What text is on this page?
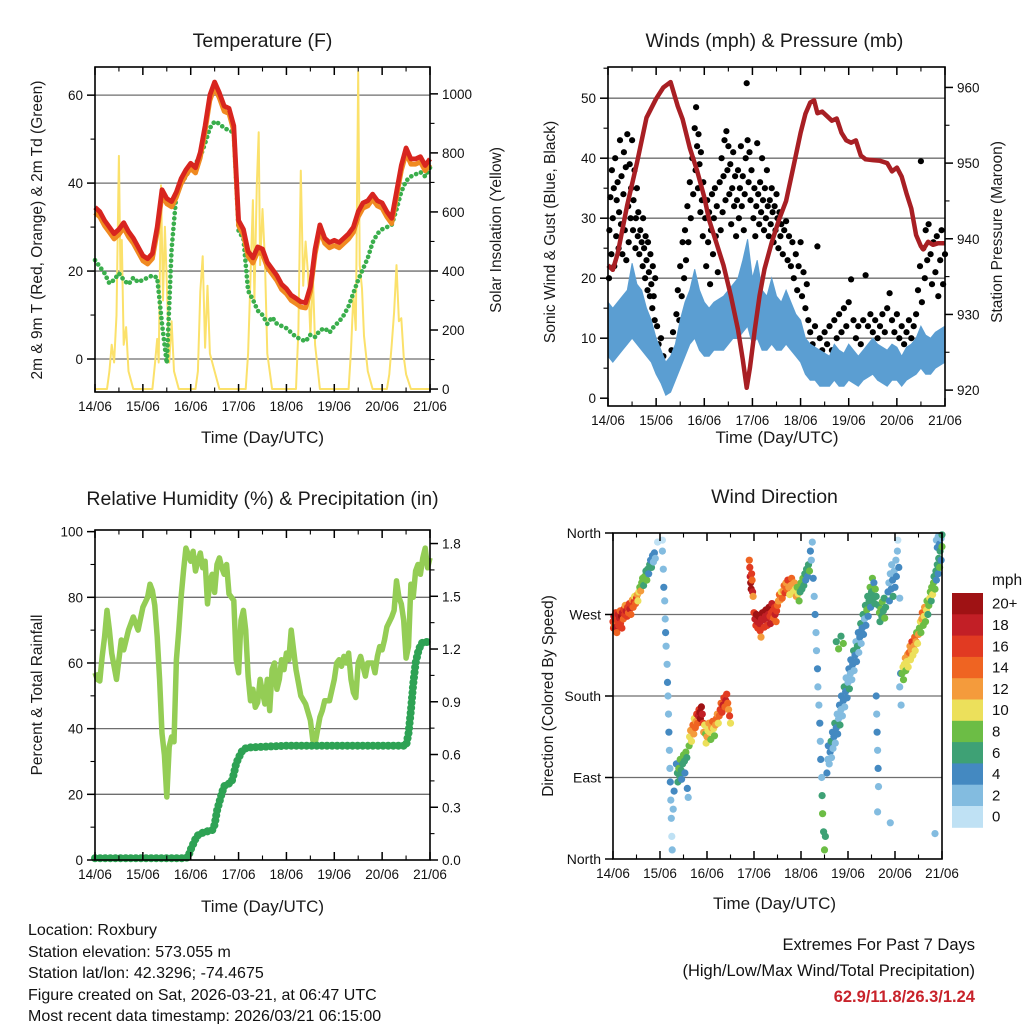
14/06 15/06 16/06 17/06 18/06 19/06 20/06 21/06
0
20
40
60
0
200
400
600
800
1000
14/06 15/06 16/06 17/06 18/06 19/06 20/06 21/06
0
10
20
30
40
50
920
930
940
950
960
14/06 15/06 16/06 17/06 18/06 19/06 20/06 21/06
0
20
40
60
80
100
0.0
0.3
0.6
0.9
1.2
1.5
1.8
14/06 15/06 16/06 17/06 18/06 19/06 20/06 21/06
North
East
South
West
North
mph
20+
18
16
14
12
10
8
6
4
2
0
Temperature (F)	Winds (mph) & Pressure (mb)
Relative Humidity (%) & Precipitation (in)	Wind Direction
2m & 9m T (Red, Orange) & 2m Td (Green)	Solar Insolation (Yellow) Sonic Wind & Gust (Blue, Black)	Station Pressure (Maroon)
Percent & Total Rainfall	Direction (Colored By Speed)
Time (Day/UTC)	Time (Day/UTC)
Time (Day/UTC)	Time (Day/UTC)
Location: Roxbury
Station elevation: 573.055 m
Station lat/lon: 42.3296; -74.4675
Figure created on Sat, 2026-03-21, at 06:47 UTC
Most recent data timestamp: 2026/03/21 06:15:00
Extremes For Past 7 Days
(High/Low/Max Wind/Total Precipitation)
62.9/11.8/26.3/1.24
